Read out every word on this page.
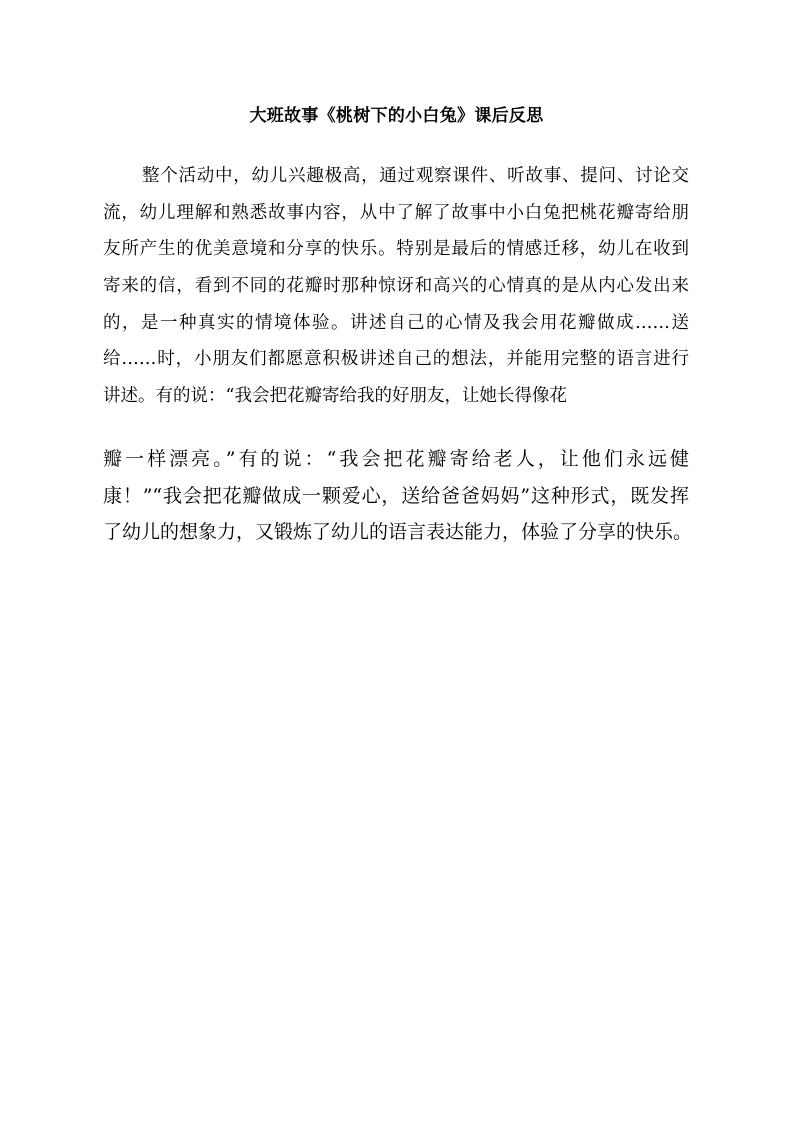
大班故事《桃树下的小白兔》课后反思
整个活动中，幼儿兴趣极高，通过观察课件、听故事、提问、讨论交
流，幼儿理解和熟悉故事内容，从中了解了故事中小白兔把桃花瓣寄给朋
友所产生的优美意境和分享的快乐。特别是最后的情感迁移，幼儿在收到
寄来的信，看到不同的花瓣时那种惊讶和高兴的心情真的是从内心发出来
的，是一种真实的情境体验。讲述自己的心情及我会用花瓣做成……送
给……时，小朋友们都愿意积极讲述自己的想法，并能用完整的语言进行
讲述。有的说：“我会把花瓣寄给我的好朋友，让她长得像花
瓣一样漂亮。”有的说：“我会把花瓣寄给老人，让他们永远健
康！”“我会把花瓣做成一颗爱心，送给爸爸妈妈”这种形式，既发挥
了幼儿的想象力，又锻炼了幼儿的语言表达能力，体验了分享的快乐。
